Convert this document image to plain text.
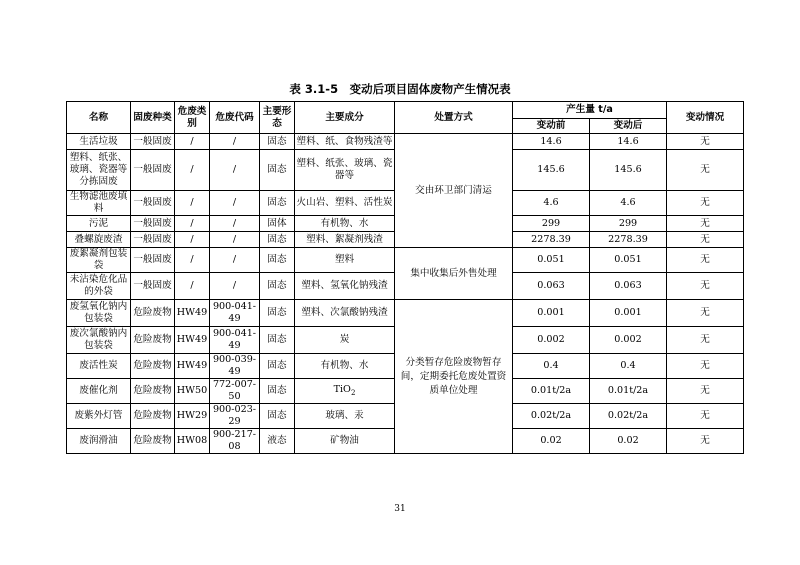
表 3.1-5　变动后项目固体废物产生情况表
名称	固废种类	危废类别	危废代码	主要形态	主要成分	处置方式	产生量 t/a		变动情况
							变动前	变动后	
生活垃圾	一般固废	/	/	固态	塑料、纸、食物残渣等	交由环卫部门清运	14.6	14.6	无
塑料、纸张、玻璃、瓷器等分拣固废	一般固废	/	/	固态	塑料、纸张、玻璃、瓷器等		145.6	145.6	无
生物滤池废填料	一般固废	/	/	固态	火山岩、塑料、活性炭		4.6	4.6	无
污泥	一般固废	/	/	固体	有机物、水		299	299	无
叠螺旋废渣	一般固废	/	/	固态	塑料、絮凝剂残渣		2278.39	2278.39	无
废絮凝剂包装袋	一般固废	/	/	固态	塑料	集中收集后外售处理	0.051	0.051	无
未沾染危化品的外袋	一般固废	/	/	固态	塑料、氢氧化钠残渣		0.063	0.063	无
废氢氧化钠内包装袋	危险废物	HW49	900-041-49	固态	塑料、次氯酸钠残渣	分类暂存危险废物暂存间，定期委托危废处置资质单位处理	0.001	0.001	无
废次氯酸钠内包装袋	危险废物	HW49	900-041-49	固态	炭		0.002	0.002	无
废活性炭	危险废物	HW49	900-039-49	固态	有机物、水		0.4	0.4	无
废催化剂	危险废物	HW50	772-007-50	固态	TiO$_2$		0.01t/2a	0.01t/2a	无
废紫外灯管	危险废物	HW29	900-023-29	固态	玻璃、汞		0.02t/2a	0.02t/2a	无
废润滑油	危险废物	HW08	900-217-08	液态	矿物油		0.02	0.02	无
31
